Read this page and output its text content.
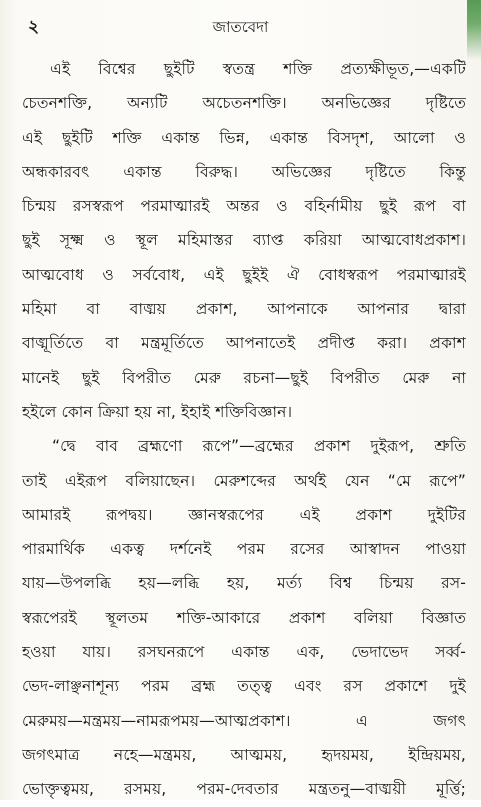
২	জাতবেদা
এই বিশ্বের ছুইটি স্বতন্ত্র শক্তি প্রত্যক্ষীভূত,—একটি
চেতনশক্তি, অন্যটি অচেতনশক্তি। অনভিজ্ঞের দৃষ্টিতে
এই ছুইটি শক্তি একান্ত ভিন্ন, একান্ত বিসদৃশ, আলো ও
অন্ধকারবৎ একান্ত বিরুদ্ধ। অভিজ্ঞের দৃষ্টিতে কিন্তু
চিন্ময় রসস্বরূপ পরমাত্মারই অন্তর ও বহির্নামীয় ছুই রূপ বা
ছুই সূক্ষ্ম ও স্থূল মহিমাস্তর ব্যাপ্ত করিয়া আত্মবোধপ্রকাশ।
আত্মবোধ ও সর্ববোধ, এই ছুইই ঐ বোধস্বরূপ পরমাত্মারই
মহিমা বা বাঙ্ময় প্রকাশ, আপনাকে আপনার দ্বারা
বাঙ্মূর্তিতে বা মন্ত্রমূর্তিতে আপনাতেই প্রদীপ্ত করা। প্রকাশ
মানেই ছুই বিপরীত মেরু রচনা—ছুই বিপরীত মেরু না
হইলে কোন ক্রিয়া হয় না, ইহাই শক্তিবিজ্ঞান।
“দ্বে বাব ব্রহ্মণো রূপে”—ব্রহ্মের প্রকাশ দুইরূপ, শ্রুতি
তাই এইরূপ বলিয়াছেন। মেরুশব্দের অর্থই যেন “মে রূপে”
আমারই রূপদ্বয়। জ্ঞানস্বরূপের এই প্রকাশ দুইটির
পারমার্থিক একত্ব দর্শনেই পরম রসের আস্বাদন পাওয়া
যায়—উপলব্ধি হয়—লব্ধি হয়, মর্ত্য বিশ্ব চিন্ময় রস-
স্বরূপেরই স্থূলতম শক্তি-আকারে প্রকাশ বলিয়া বিজ্ঞাত
হওয়া যায়। রসঘনরূপে একান্ত এক, ভেদাভেদ সর্ব্ব-
ভেদ-লাঞ্ছনাশূন্য পরম ব্রহ্ম তত্ত্ব এবং রস প্রকাশে দুই
মেরুময়—মন্ত্রময়—নামরূপময়—আত্মপ্রকাশ। এ জগৎ
জগৎমাত্র নহে—মন্ত্রময়, আত্মময়, হৃদয়ময়, ইন্দ্রিয়ময়,
ভোক্তৃত্বময়, রসময়, পরম-দেবতার মন্ত্রতনু—বাঙ্ময়ী মূর্ত্তি;
